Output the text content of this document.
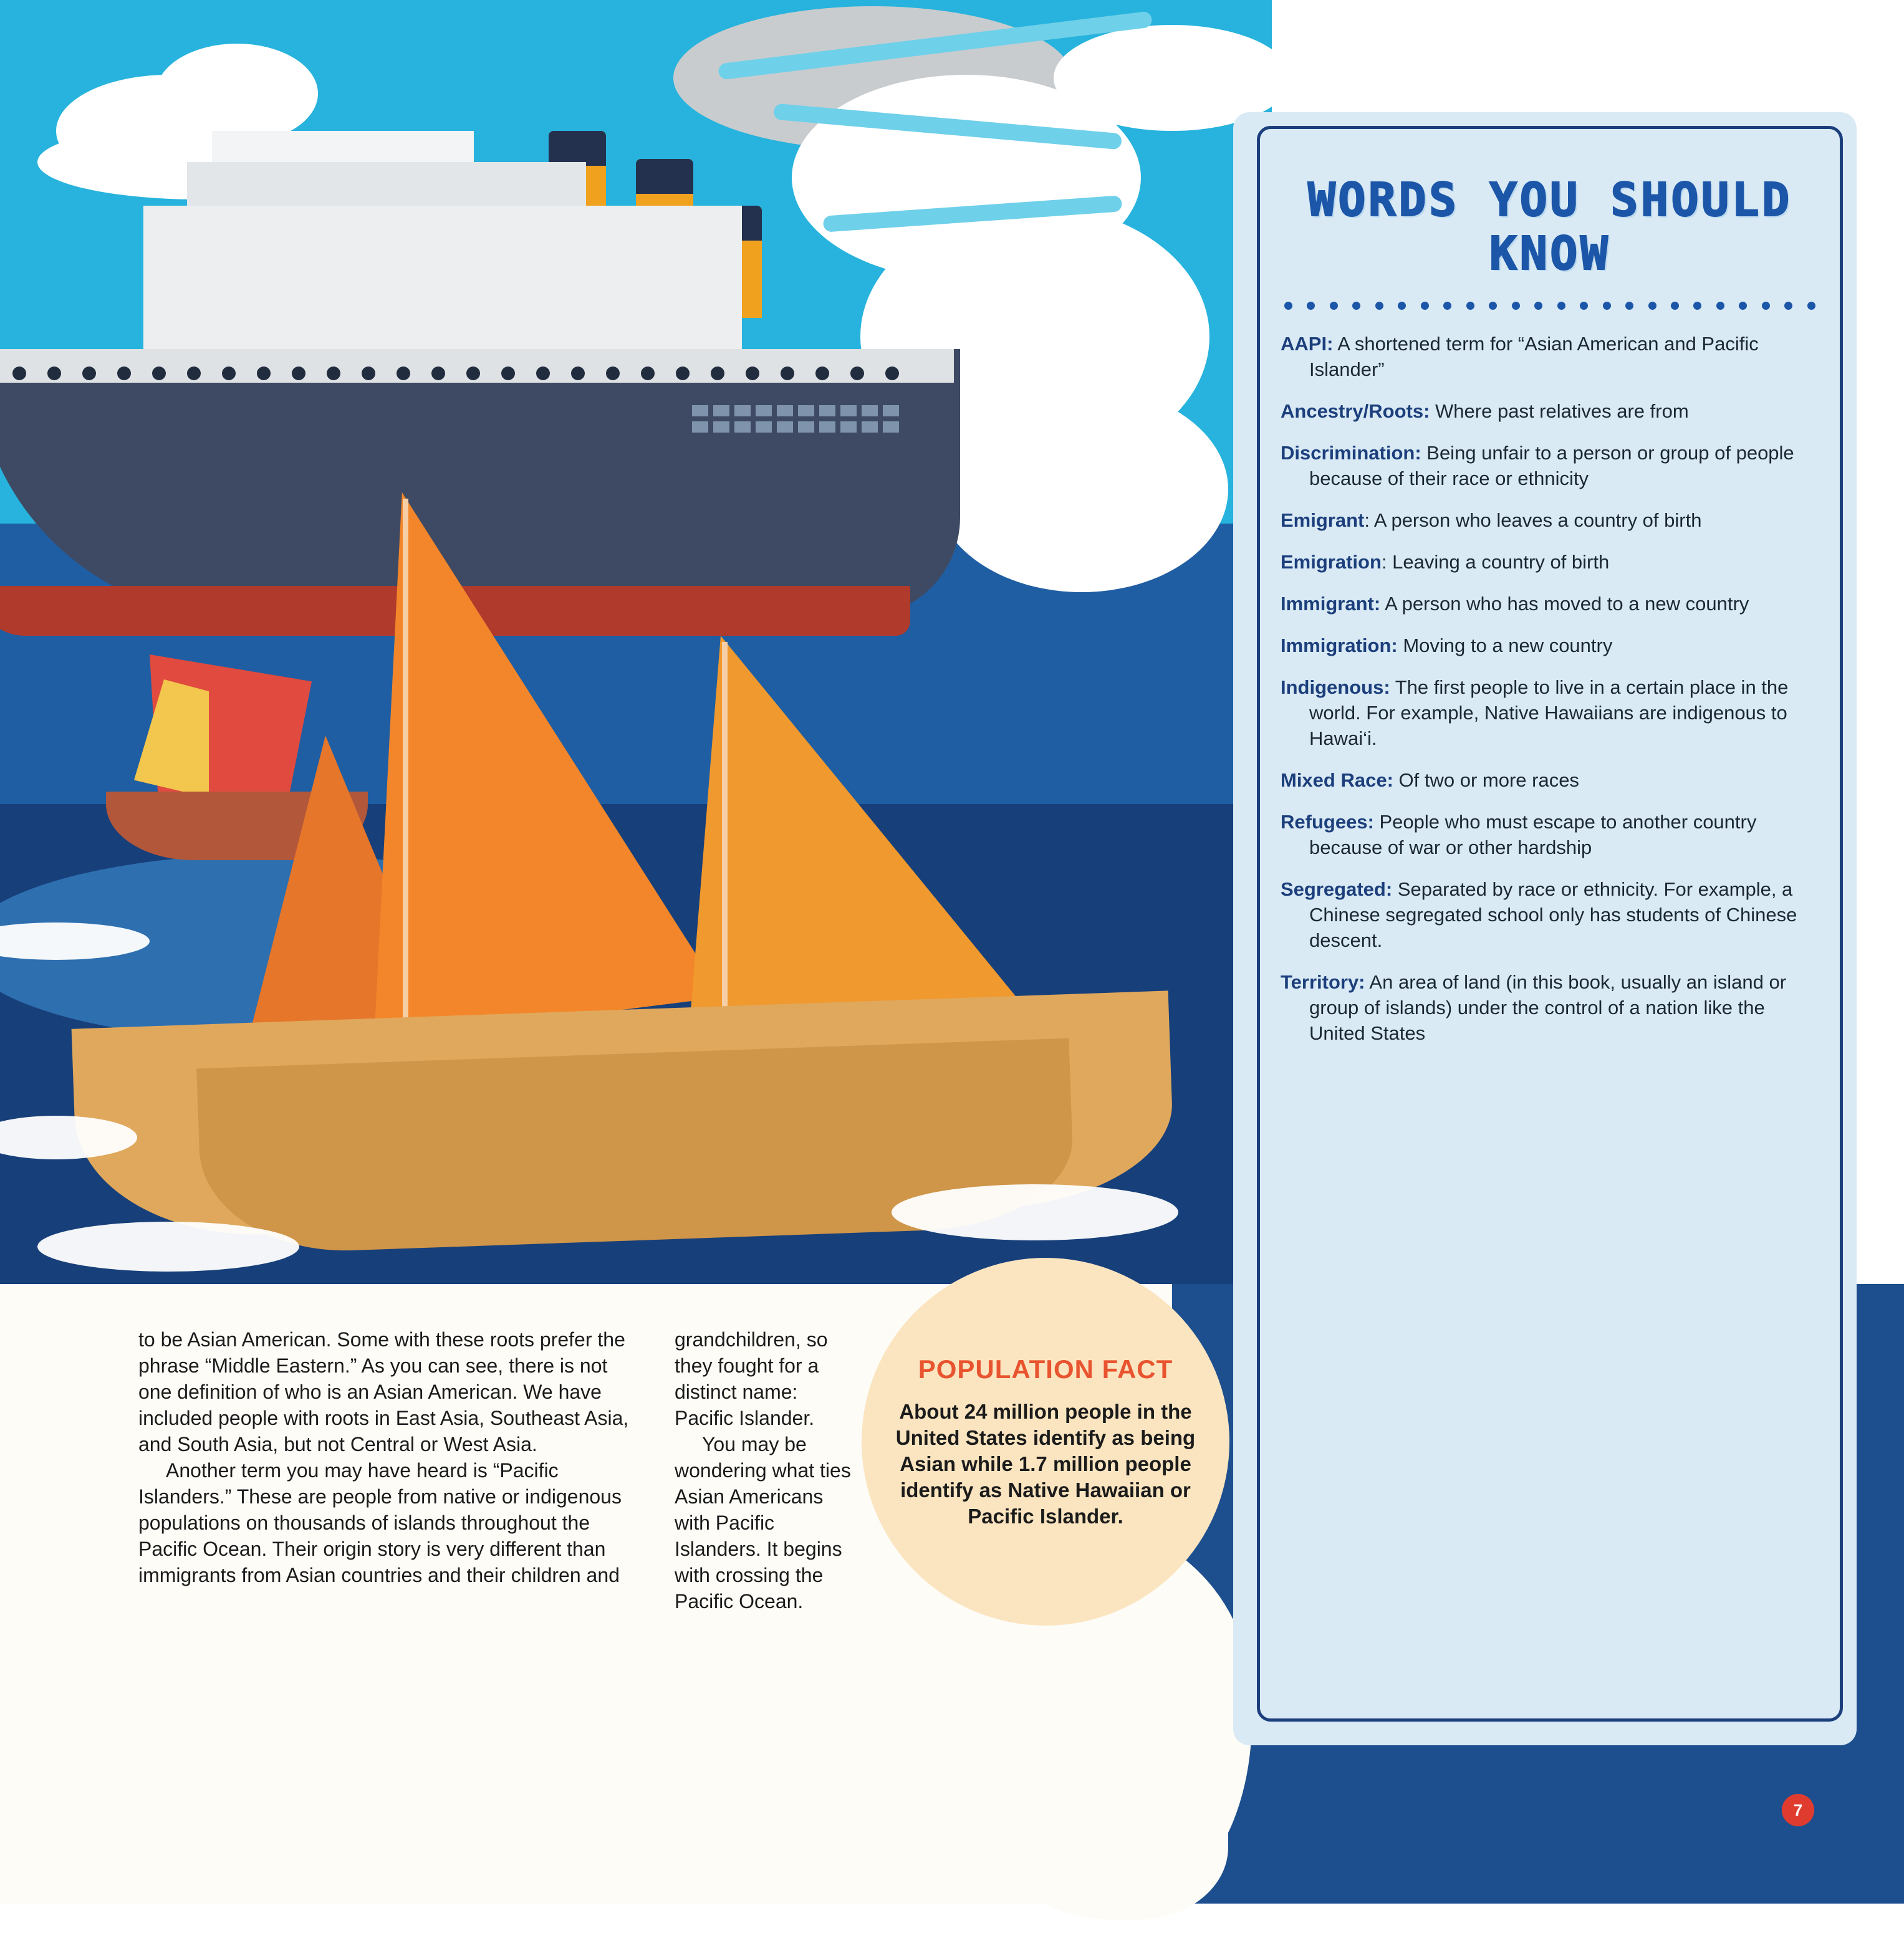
to be Asian American. Some with these roots prefer the phrase “Middle Eastern.” As you can see, there is not one definition of who is an Asian American. We have included people with roots in East Asia, Southeast Asia, and South Asia, but not Central or West Asia.

Another term you may have heard is “Pacific Islanders.” These are people from native or indigenous populations on thousands of islands throughout the Pacific Ocean. Their origin story is very different than immigrants from Asian countries and their children and

grandchildren, so they fought for a distinct name: Pacific Islander.

You may be wondering what ties Asian Americans with Pacific Islanders. It begins with crossing the Pacific Ocean.

POPULATION FACT
About 24 million people in the United States identify as being Asian while 1.7 million people identify as Native Hawaiian or Pacific Islander.
WORDS YOU SHOULD KNOW
AAPI: A shortened term for “Asian American and Pacific Islander”
Ancestry/Roots: Where past relatives are from
Discrimination: Being unfair to a person or group of people because of their race or ethnicity
Emigrant: A person who leaves a country of birth
Emigration: Leaving a country of birth
Immigrant: A person who has moved to a new country
Immigration: Moving to a new country
Indigenous: The first people to live in a certain place in the world. For example, Native Hawaiians are indigenous to Hawai‘i.
Mixed Race: Of two or more races
Refugees: People who must escape to another country because of war or other hardship
Segregated: Separated by race or ethnicity. For example, a Chinese segregated school only has students of Chinese descent.
Territory: An area of land (in this book, usually an island or group of islands) under the control of a nation like the United States
7
